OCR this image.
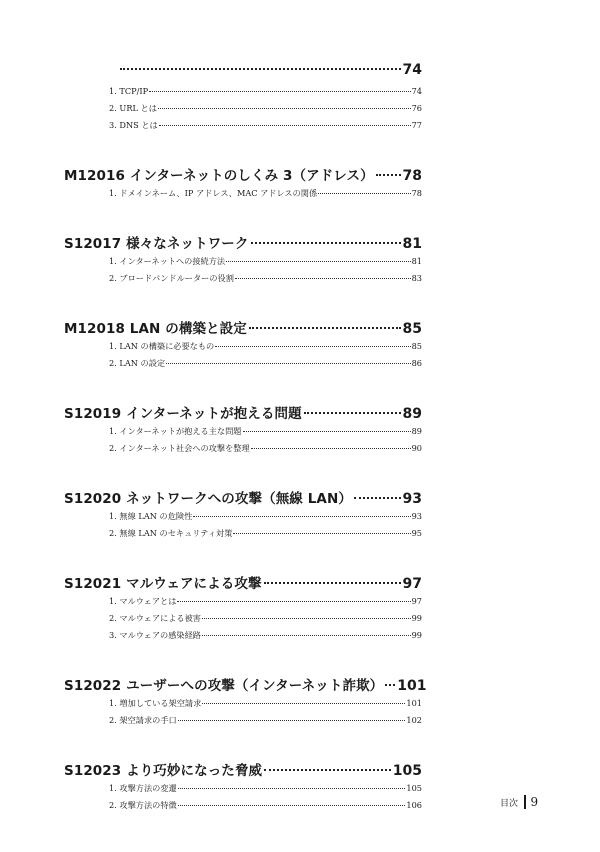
74
1. TCP/IP	74
2. URL とは	76
3. DNS とは	77
M12016 インターネットのしくみ 3（アドレス） 78
1. ドメインネーム、IP アドレス、MAC アドレスの関係	78
S12017 様々なネットワーク	81
1. インターネットへの接続方法	81
2. ブロードバンドルーターの役割	83
M12018 LAN の構築と設定	85
1. LAN の構築に必要なもの	85
2. LAN の設定	86
S12019 インターネットが抱える問題	89
1. インターネットが抱える主な問題	89
2. インターネット社会への攻撃を整理	90
S12020 ネットワークへの攻撃（無線 LAN）	93
1. 無線 LAN の危険性	93
2. 無線 LAN のセキュリティ対策	95
S12021 マルウェアによる攻撃	97
1. マルウェアとは	97
2. マルウェアによる被害	99
3. マルウェアの感染経路	99
S12022 ユーザーへの攻撃（インターネット詐欺） 101
1. 増加している架空請求	101
2. 架空請求の手口	102
S12023 より巧妙になった脅威	105
1. 攻撃方法の変遷	105
2. 攻撃方法の特徴	106	目次 9
